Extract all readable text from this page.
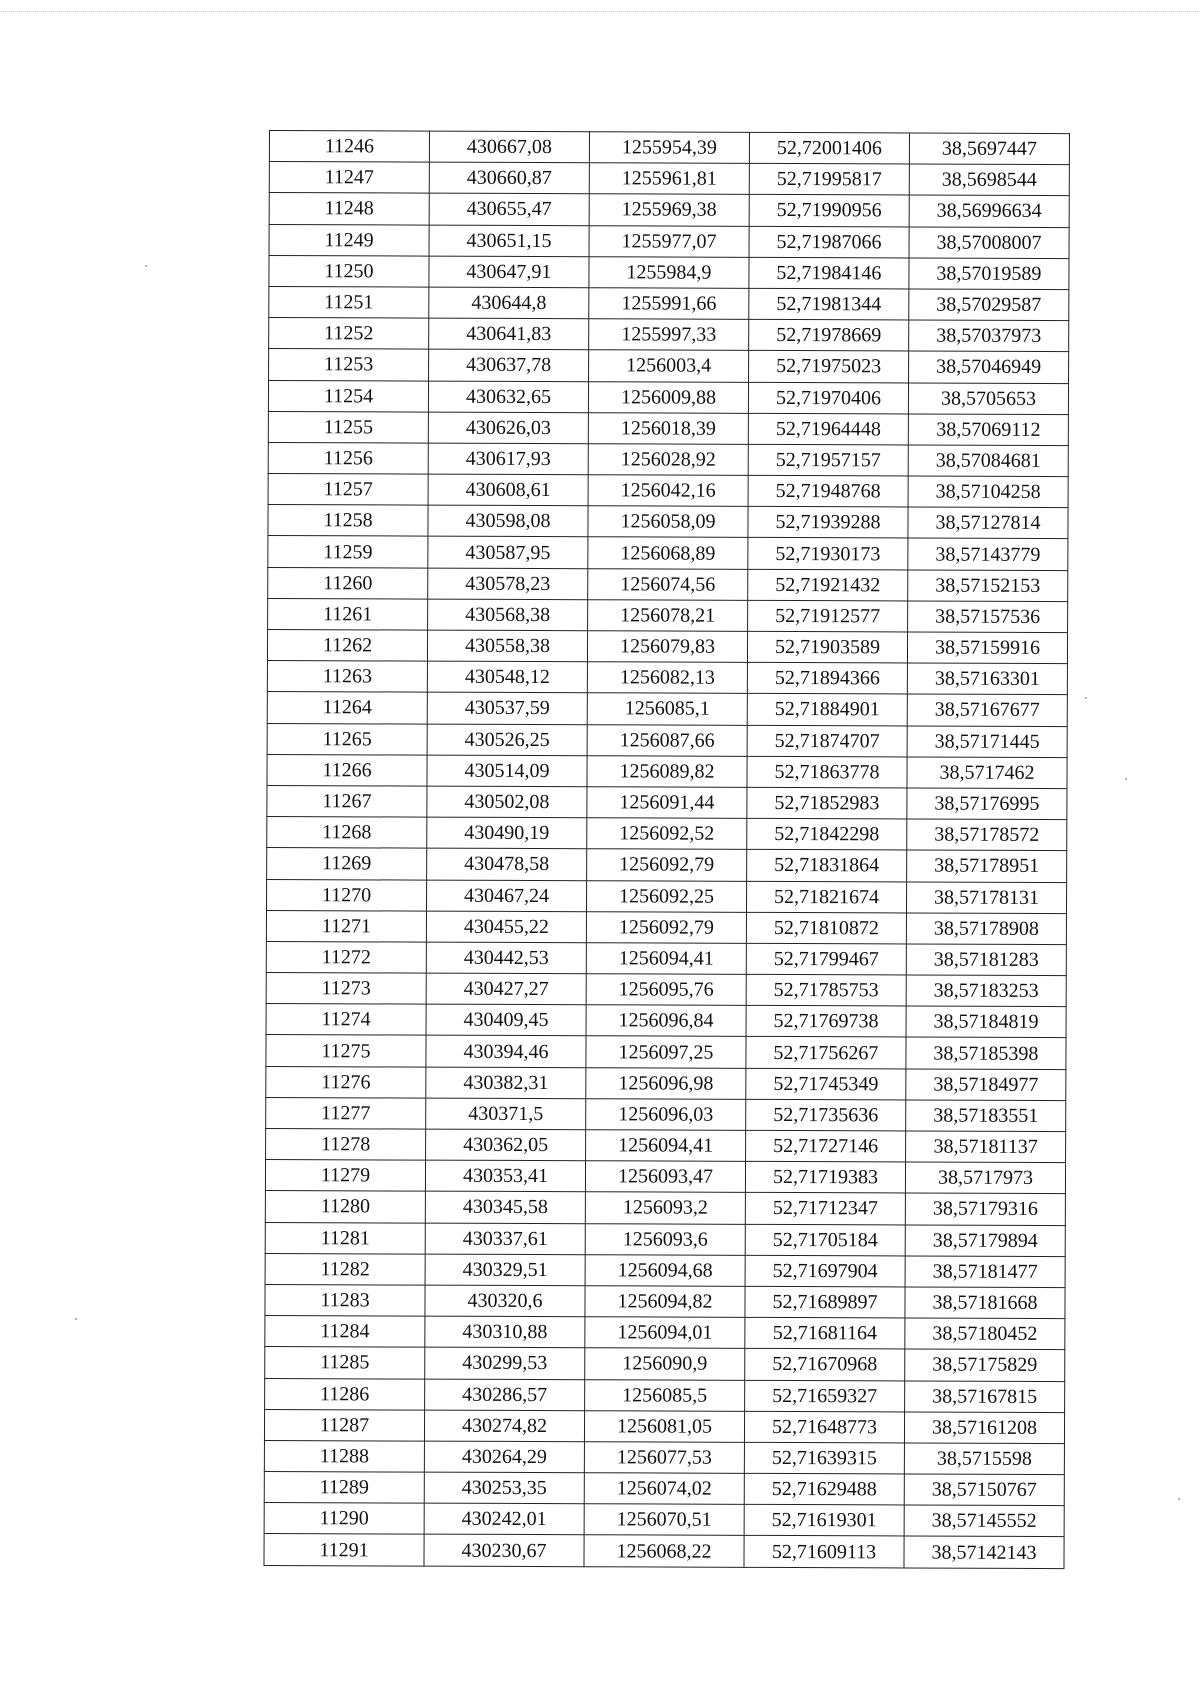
11246	430667,08	1255954,39	52,72001406	38,5697447
11247	430660,87	1255961,81	52,71995817	38,5698544
11248	430655,47	1255969,38	52,71990956	38,56996634
11249	430651,15	1255977,07	52,71987066	38,57008007
11250	430647,91	1255984,9	52,71984146	38,57019589
11251	430644,8	1255991,66	52,71981344	38,57029587
11252	430641,83	1255997,33	52,71978669	38,57037973
11253	430637,78	1256003,4	52,71975023	38,57046949
11254	430632,65	1256009,88	52,71970406	38,5705653
11255	430626,03	1256018,39	52,71964448	38,57069112
11256	430617,93	1256028,92	52,71957157	38,57084681
11257	430608,61	1256042,16	52,71948768	38,57104258
11258	430598,08	1256058,09	52,71939288	38,57127814
11259	430587,95	1256068,89	52,71930173	38,57143779
11260	430578,23	1256074,56	52,71921432	38,57152153
11261	430568,38	1256078,21	52,71912577	38,57157536
11262	430558,38	1256079,83	52,71903589	38,57159916
11263	430548,12	1256082,13	52,71894366	38,57163301
11264	430537,59	1256085,1	52,71884901	38,57167677
11265	430526,25	1256087,66	52,71874707	38,57171445
11266	430514,09	1256089,82	52,71863778	38,5717462
11267	430502,08	1256091,44	52,71852983	38,57176995
11268	430490,19	1256092,52	52,71842298	38,57178572
11269	430478,58	1256092,79	52,71831864	38,57178951
11270	430467,24	1256092,25	52,71821674	38,57178131
11271	430455,22	1256092,79	52,71810872	38,57178908
11272	430442,53	1256094,41	52,71799467	38,57181283
11273	430427,27	1256095,76	52,71785753	38,57183253
11274	430409,45	1256096,84	52,71769738	38,57184819
11275	430394,46	1256097,25	52,71756267	38,57185398
11276	430382,31	1256096,98	52,71745349	38,57184977
11277	430371,5	1256096,03	52,71735636	38,57183551
11278	430362,05	1256094,41	52,71727146	38,57181137
11279	430353,41	1256093,47	52,71719383	38,5717973
11280	430345,58	1256093,2	52,71712347	38,57179316
11281	430337,61	1256093,6	52,71705184	38,57179894
11282	430329,51	1256094,68	52,71697904	38,57181477
11283	430320,6	1256094,82	52,71689897	38,57181668
11284	430310,88	1256094,01	52,71681164	38,57180452
11285	430299,53	1256090,9	52,71670968	38,57175829
11286	430286,57	1256085,5	52,71659327	38,57167815
11287	430274,82	1256081,05	52,71648773	38,57161208
11288	430264,29	1256077,53	52,71639315	38,5715598
11289	430253,35	1256074,02	52,71629488	38,57150767
11290	430242,01	1256070,51	52,71619301	38,57145552
11291	430230,67	1256068,22	52,71609113	38,57142143
